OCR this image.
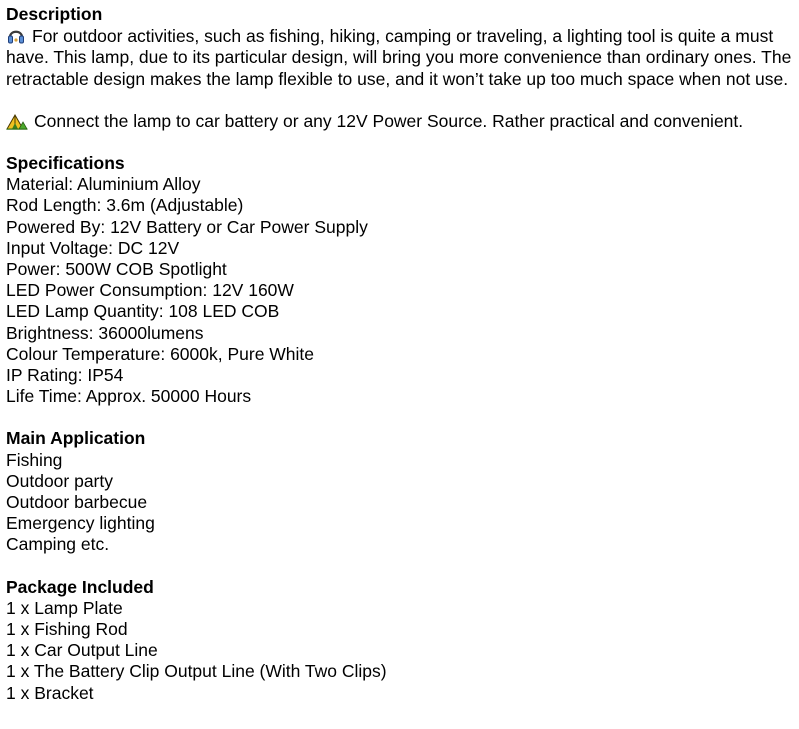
Description

For outdoor activities, such as fishing, hiking, camping or traveling, a lighting tool is quite a must have. This lamp, due to its particular design, will bring you more convenience than ordinary ones. The retractable design makes the lamp flexible to use, and it won’t take up too much space when not use.

Connect the lamp to car battery or any 12V Power Source. Rather practical and convenient.

Specifications

Material: Aluminium Alloy

Rod Length: 3.6m (Adjustable)

Powered By: 12V Battery or Car Power Supply

Input Voltage: DC 12V

Power: 500W COB Spotlight

LED Power Consumption: 12V 160W

LED Lamp Quantity: 108 LED COB

Brightness: 36000lumens

Colour Temperature: 6000k, Pure White

IP Rating: IP54

Life Time: Approx. 50000 Hours

Main Application

Fishing

Outdoor party

Outdoor barbecue

Emergency lighting

Camping etc.

Package Included

1 x Lamp Plate

1 x Fishing Rod

1 x Car Output Line

1 x The Battery Clip Output Line (With Two Clips)

1 x Bracket
